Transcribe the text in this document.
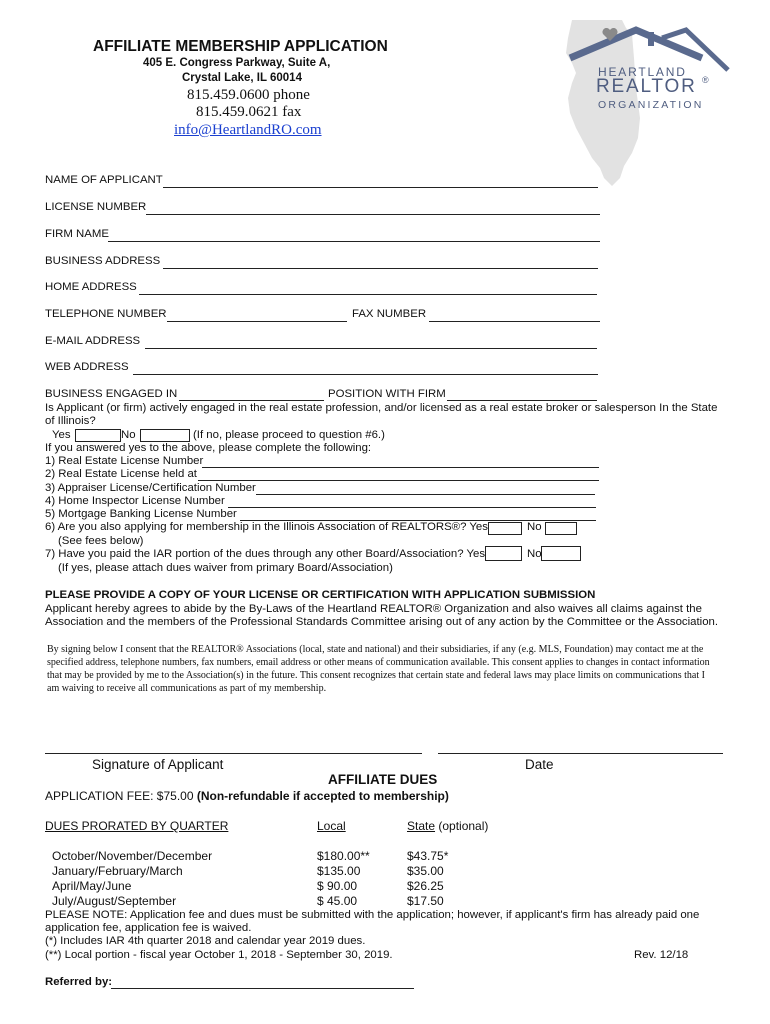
HEARTLAND
REALTOR ®
ORGANIZATION
AFFILIATE MEMBERSHIP APPLICATION
405 E. Congress Parkway, Suite A,
Crystal Lake, IL 60014
815.459.0600 phone
815.459.0621 fax
info@HeartlandRO.com
NAME OF APPLICANT
LICENSE NUMBER
FIRM NAME
BUSINESS ADDRESS
HOME ADDRESS
TELEPHONE NUMBER	FAX NUMBER
E-MAIL ADDRESS
WEB ADDRESS
BUSINESS ENGAGED IN	POSITION WITH FIRM
Is Applicant (or firm) actively engaged in the real estate profession, and/or licensed as a real estate broker or salesperson In the State
of Illinois?
Yes	No	(If no, please proceed to question #6.)
If you answered yes to the above, please complete the following:
1) Real Estate License Number
2) Real Estate License held at
3) Appraiser License/Certification Number
4) Home Inspector License Number
5) Mortgage Banking License Number
6) Are you also applying for membership in the Illinois Association of REALTORS®? Yes	No
(See fees below)
7) Have you paid the IAR portion of the dues through any other Board/Association? Yes	No
(If yes, please attach dues waiver from primary Board/Association)
PLEASE PROVIDE A COPY OF YOUR LICENSE OR CERTIFICATION WITH APPLICATION SUBMISSION
Applicant hereby agrees to abide by the By-Laws of the Heartland REALTOR® Organization and also waives all claims against the
Association and the members of the Professional Standards Committee arising out of any action by the Committee or the Association.
By signing below I consent that the REALTOR® Associations (local, state and national) and their subsidiaries, if any (e.g. MLS, Foundation) may contact me at the specified address, telephone numbers, fax numbers, email address or other means of communication available. This consent applies to changes in contact information that may be provided by me to the Association(s) in the future. This consent recognizes that certain state and federal laws may place limits on communications that I am waiving to receive all communications as part of my membership.
Signature of Applicant	Date
AFFILIATE DUES
APPLICATION FEE: $75.00 (Non-refundable if accepted to membership)
DUES PRORATED BY QUARTER	Local	State (optional)
October/November/December	$180.00**	$43.75*
January/February/March	$135.00	$35.00
April/May/June	$ 90.00	$26.25
July/August/September	$ 45.00	$17.50
PLEASE NOTE: Application fee and dues must be submitted with the application; however, if applicant's firm has already paid one
application fee, application fee is waived.
(*) Includes IAR 4th quarter 2018 and calendar year 2019 dues.
(**) Local portion - fiscal year October 1, 2018 - September 30, 2019.	Rev. 12/18
Referred by:
